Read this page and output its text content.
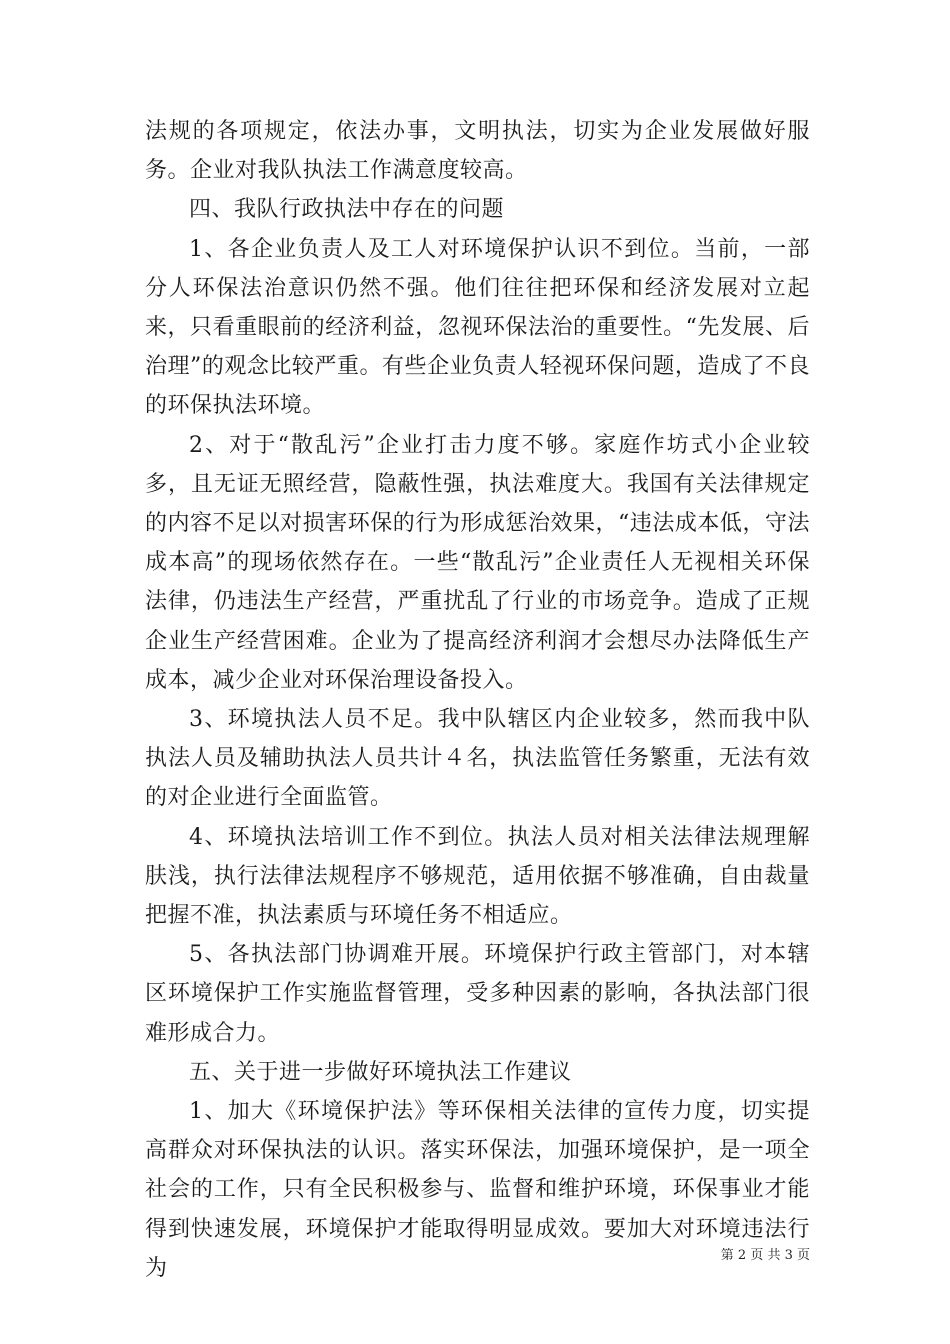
法规的各项规定，依法办事，文明执法，切实为企业发展做好服务。企业对我队执法工作满意度较高。

四、我队行政执法中存在的问题

1、各企业负责人及工人对环境保护认识不到位。当前，一部分人环保法治意识仍然不强。他们往往把环保和经济发展对立起来，只看重眼前的经济利益，忽视环保法治的重要性。“先发展、后治理”的观念比较严重。有些企业负责人轻视环保问题，造成了不良的环保执法环境。

2、对于“散乱污”企业打击力度不够。家庭作坊式小企业较多，且无证无照经营，隐蔽性强，执法难度大。我国有关法律规定的内容不足以对损害环保的行为形成惩治效果，“违法成本低，守法成本高”的现场依然存在。一些“散乱污”企业责任人无视相关环保法律，仍违法生产经营，严重扰乱了行业的市场竞争。造成了正规企业生产经营困难。企业为了提高经济利润才会想尽办法降低生产成本，减少企业对环保治理设备投入。

3、环境执法人员不足。我中队辖区内企业较多，然而我中队执法人员及辅助执法人员共计４名，执法监管任务繁重，无法有效的对企业进行全面监管。

4、环境执法培训工作不到位。执法人员对相关法律法规理解肤浅，执行法律法规程序不够规范，适用依据不够准确，自由裁量把握不准，执法素质与环境任务不相适应。

5、各执法部门协调难开展。环境保护行政主管部门，对本辖区环境保护工作实施监督管理，受多种因素的影响，各执法部门很难形成合力。

五、关于进一步做好环境执法工作建议

1、加大《环境保护法》等环保相关法律的宣传力度，切实提高群众对环保执法的认识。落实环保法，加强环境保护，是一项全社会的工作，只有全民积极参与、监督和维护环境，环保事业才能得到快速发展，环境保护才能取得明显成效。要加大对环境违法行为

第 2 页 共 3 页
